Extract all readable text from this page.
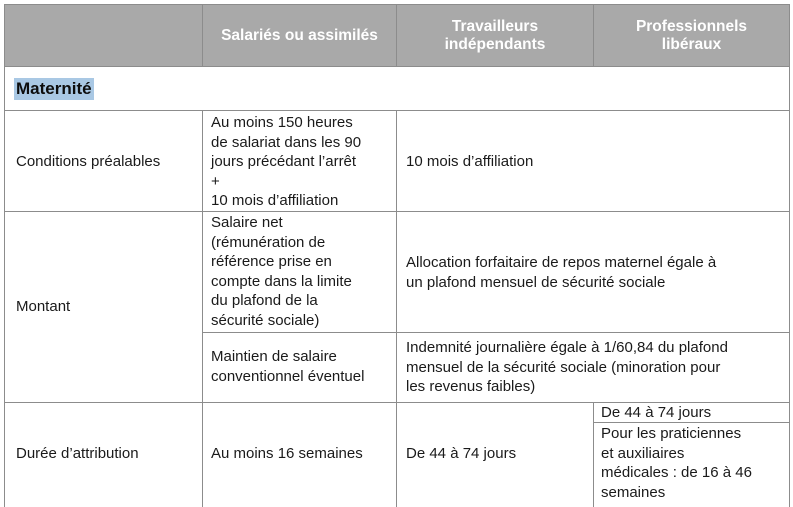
Salariés ou assimilés
Travailleurs
indépendants
Professionnels
libéraux
Maternité
Conditions préalables
Au moins 150 heures
de salariat dans les 90
jours précédant l’arrêt
+
10 mois d’affiliation
10 mois d’affiliation
Montant
Salaire net
(rémunération de
référence prise en
compte dans la limite
du plafond de la
sécurité sociale)
Allocation forfaitaire de repos maternel égale à
un plafond mensuel de sécurité sociale
Maintien de salaire
conventionnel éventuel
Indemnité journalière égale à 1/60,84 du plafond
mensuel de la sécurité sociale (minoration pour
les revenus faibles)
Durée d’attribution	Au moins 16 semaines	De 44 à 74 jours
De 44 à 74 jours
Pour les praticiennes
et auxiliaires
médicales : de 16 à 46
semaines
